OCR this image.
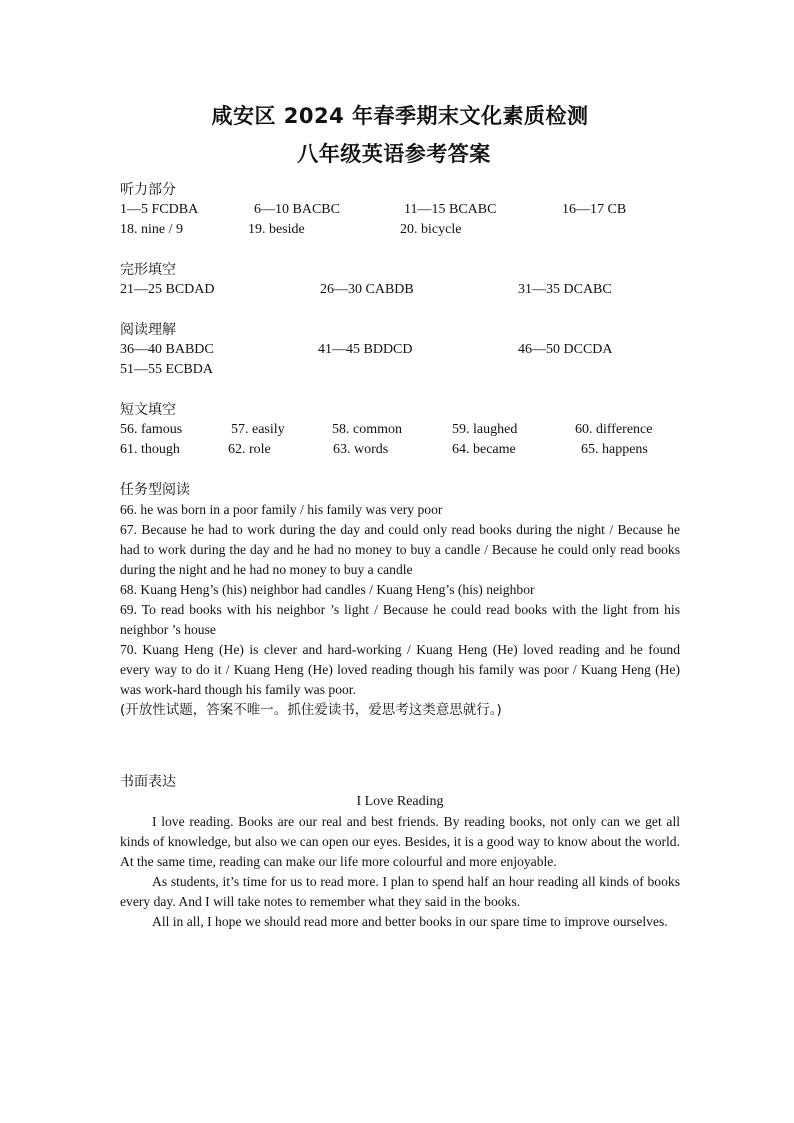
咸安区 2024 年春季期末文化素质检测
八年级英语参考答案

听力部分

1—5 FCDBA	6—10 BACBC	11—15 BCABC	16—17 CB
18. nine / 9	19. beside	20. bicycle

完形填空

21—25 BCDAD	26—30 CABDB	31—35 DCABC

阅读理解

36—40 BABDC	41—45 BDDCD	46—50 DCCDA
51—55 ECBDA

短文填空

56. famous	57. easily	58. common	59. laughed	60. difference
61. though	62. role	63. words	64. became	65. happens

任务型阅读

66. he was born in a poor family / his family was very poor

67. Because he had to work during the day and could only read books during the night / Because he had to work during the day and he had no money to buy a candle / Because he could only read books during the night and he had no money to buy a candle

68. Kuang Heng’s (his) neighbor had candles / Kuang Heng’s (his) neighbor

69. To read books with his neighbor ’s light / Because he could read books with the light from his neighbor ’s house

70. Kuang Heng (He) is clever and hard-working / Kuang Heng (He) loved reading and he found every way to do it / Kuang Heng (He) loved reading though his family was poor / Kuang Heng (He) was work-hard though his family was poor.

(开放性试题，答案不唯一。抓住爱读书，爱思考这类意思就行。)

书面表达

I Love Reading

I love reading. Books are our real and best friends. By reading books, not only can we get all kinds of knowledge, but also we can open our eyes. Besides, it is a good way to know about the world. At the same time, reading can make our life more colourful and more enjoyable.

As students, it’s time for us to read more. I plan to spend half an hour reading all kinds of books every day. And I will take notes to remember what they said in the books.

All in all, I hope we should read more and better books in our spare time to improve ourselves.
